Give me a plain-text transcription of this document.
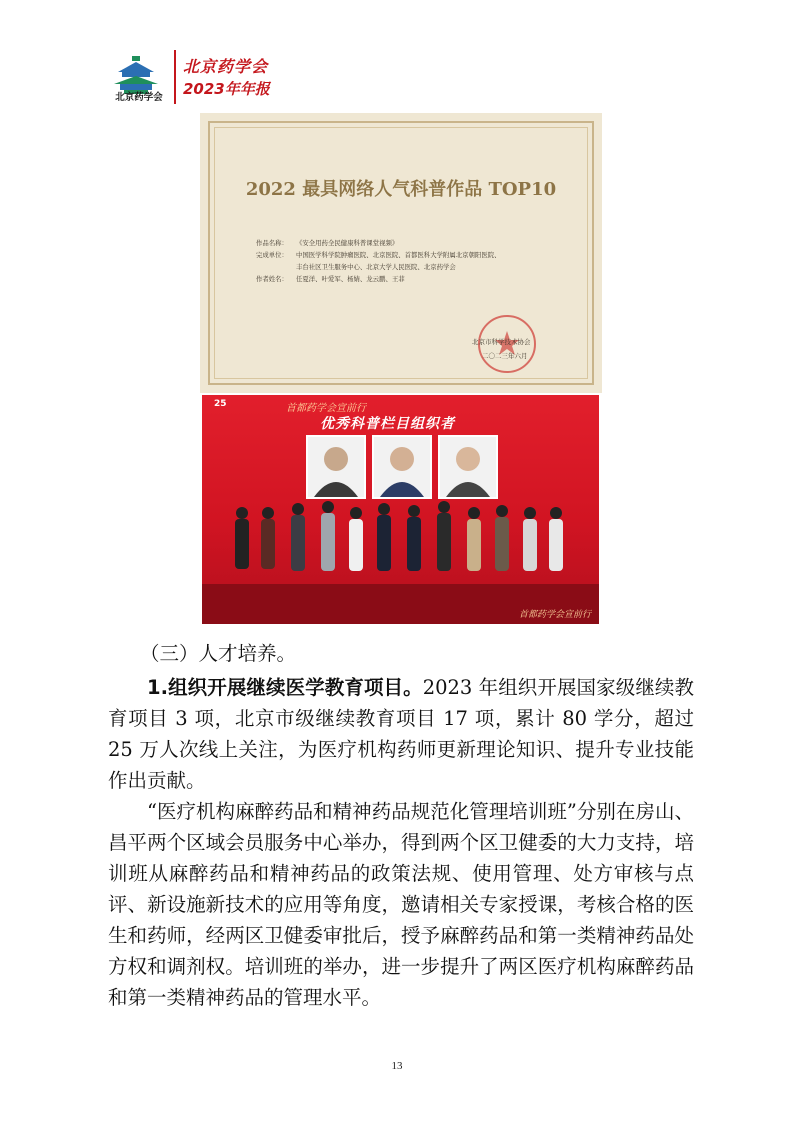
北京药学会
北京药学会
2023年年报
2022 最具网络人气科普作品 TOP10
作品名称：	《安全用药全民健康科普课堂视频》
完成单位：	中国医学科学院肿瘤医院、北京医院、首都医科大学附属北京朝阳医院、
丰台社区卫生服务中心、北京大学人民医院、北京药学会
作者姓名：	任夏洋、叶爱军、杨婧、龙云鹏、王菲
北京市科学技术协会
二〇二三年六月
25	首都药学会宣前行
优秀科普栏目组织者
首都药学会宣前行
（三）人才培养。

1.组织开展继续医学教育项目。2023 年组织开展国家级继续教育项目 3 项，北京市级继续教育项目 17 项，累计 80 学分，超过 25 万人次线上关注，为医疗机构药师更新理论知识、提升专业技能作出贡献。

“医疗机构麻醉药品和精神药品规范化管理培训班”分别在房山、昌平两个区域会员服务中心举办，得到两个区卫健委的大力支持，培训班从麻醉药品和精神药品的政策法规、使用管理、处方审核与点评、新设施新技术的应用等角度，邀请相关专家授课，考核合格的医生和药师，经两区卫健委审批后，授予麻醉药品和第一类精神药品处方权和调剂权。培训班的举办，进一步提升了两区医疗机构麻醉药品和第一类精神药品的管理水平。

13
